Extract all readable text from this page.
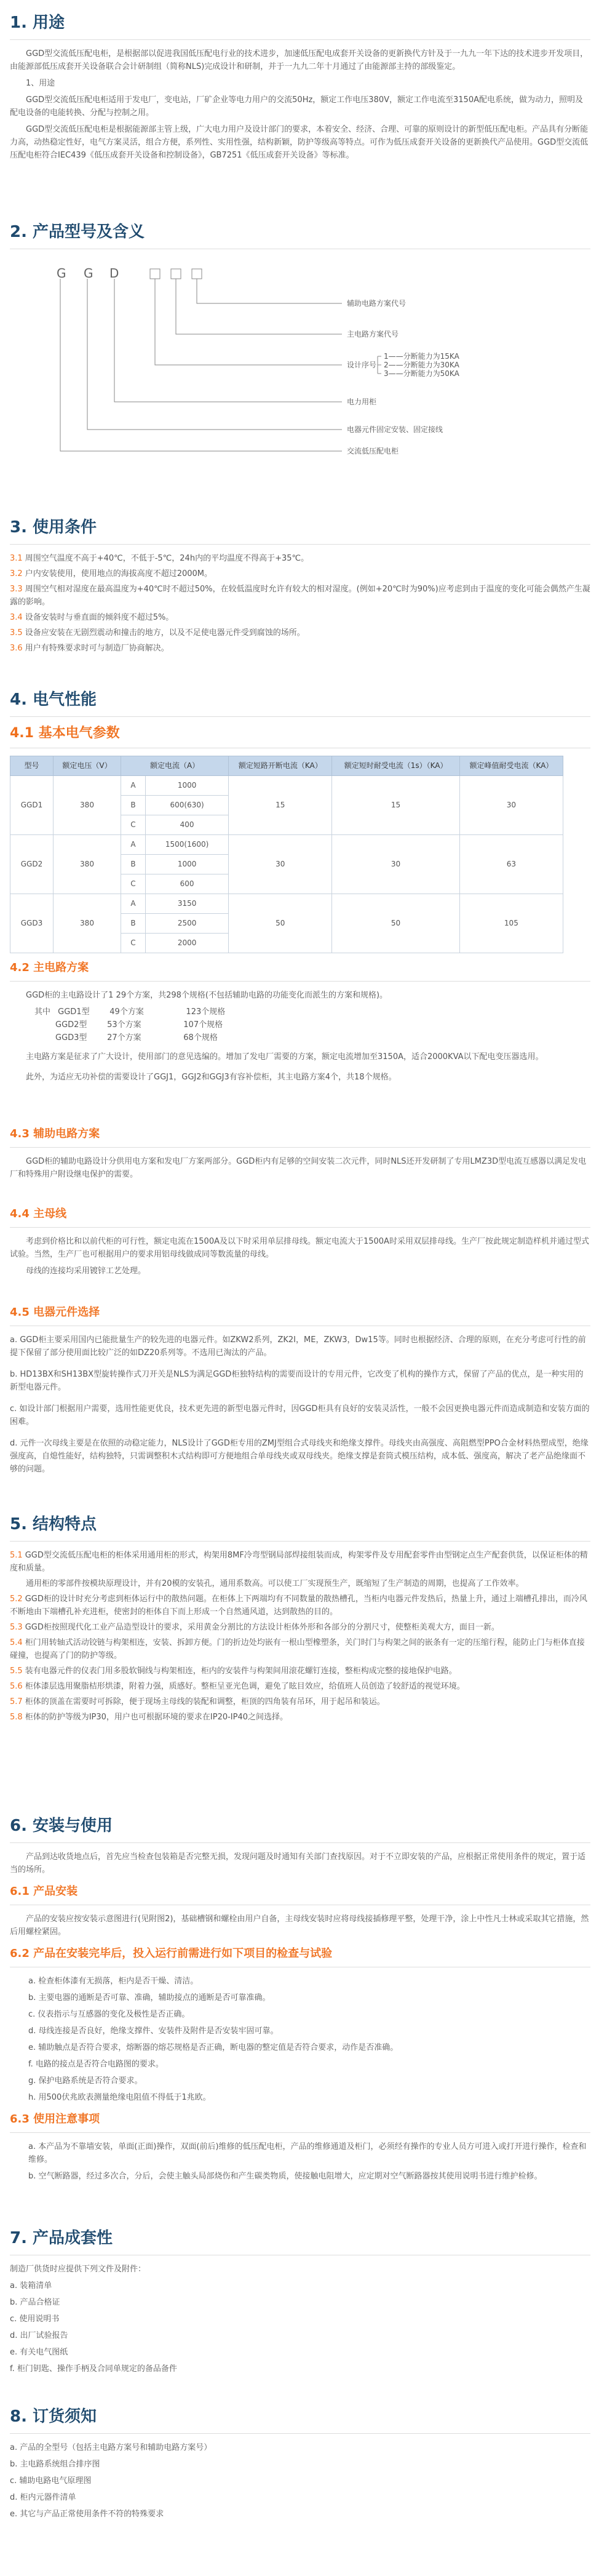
1. 用途

GGD型交流低压配电柜，是根据部以促进我国低压配电行业的技术进步，加速低压配电成套开关设备的更新换代方针及于一九九一年下达的技术进步开发项目，由能源部低压成套开关设备联合会计研制组（简称NLS)完成设计和研制，并于一九九二年十月通过了由能源部主持的部级鉴定。

1、用途

GGD型交流低压配电柜适用于发电厂，变电站，厂矿企业等电力用户的交流50Hz，额定工作电压380V，额定工作电流至3150A配电系统，做为动力，照明及配电设备的电能转换、分配与控制之用。

GGD型交流低压配电柜是根据能源部主管上级，广大电力用户及设计部门的要求，本着安全、经济、合理、可靠的原则设计的新型低压配电柜。产品具有分断能力高，动热稳定性好，电气方案灵活，组合方便，系列性、实用性强，结构新颖，防护等级高等特点。可作为低压成套开关设备的更新换代产品使用。GGD型交流低压配电柜符合IEC439《低压成套开关设备和控制设备》，GB7251《低压成套开关设备》等标准。

2. 产品型号及含义
G G D
辅助电路方案代号
主电路方案代号
设计序号
1——分断能力为15KA
2——分断能力为30KA
3——分断能力为50KA
电力用柜
电器元件固定安装、固定接线
交流低压配电柜
3. 使用条件
3.1 周围空气温度不高于+40℃，不低于-5℃，24h内的平均温度不得高于+35℃。
3.2 户内安装使用，使用地点的海拔高度不超过2000M。
3.3 周围空气相对湿度在最高温度为+40℃时不超过50%，在较低温度时允许有较大的相对湿度。(例如+20℃时为90%)应考虑到由于温度的变化可能会偶然产生凝露的影响。
3.4 设备安装时与垂直面的倾斜度不超过5%。
3.5 设备应安装在无剧烈震动和撞击的地方，以及不足使电器元件受到腐蚀的场所。
3.6 用户有特殊要求时可与制造厂协商解决。
4. 电气性能
4.1 基本电气参数
型号	额定电压（V）	额定电流（A）		额定短路开断电流（KA）	额定短时耐受电流（1s）（KA）	额定峰值耐受电流（KA）
GGD1	380	A	1000	15	15	30
		B	600(630)			
		C	400			
GGD2	380	A	1500(1600)	30	30	63
		B	1000			
		C	600			
GGD3	380	A	3150	50	50	105
		B	2500			
		C	2000			
4.2 主电路方案

GGD柜的主电路设计了1 29个方案，共298个规格(不包括辅助电路的功能变化而派生的方案和规格)。

其中 GGD1型	49个方案	123个规格
GGD2型	53个方案	107个规格
GGD3型	27个方案	68个规格

主电路方案是征求了广大设计，使用部门的意见选编的。增加了发电厂需要的方案，额定电流增加至3150A，适合2000KVA以下配电变压器选用。

此外，为适应无功补偿的需要设计了GGJ1，GGJ2和GGJ3有容补偿柜，其主电路方案4个，共18个规格。

4.3 辅助电路方案

GGD柜的辅助电路设计分供用电方案和发电厂方案两部分。GGD柜内有足够的空间安装二次元件，同时NLS还开发研制了专用LMZ3D型电流互感器以满足发电厂和特殊用户附设继电保护的需要。

4.4 主母线

考虑到价格比和以前代柜的可行性，额定电流在1500A及以下时采用单层排母线。额定电流大于1500A时采用双层排母线。生产厂按此规定制造样机并通过型式试验。当然，生产厂也可根据用户的要求用铝母线做成同等数流量的母线。

母线的连接均采用镀锌工艺处理。

4.5 电器元件选择

a. GGD柜主要采用国内已能批量生产的较先进的电器元件。如ZKW2系列，ZK2I，ME，ZKW3，Dw15等。同时也根据经济、合理的原则，在充分考虑可行性的前提下保留了部分使用面比较广泛的如DZ20系列等。不选用已淘汰的产品。

b. HD13BX和SH13BX型旋转操作式刀开关是NLS为满足GGD柜独特结构的需要而设计的专用元件，它改变了机构的操作方式，保留了产品的优点，是一种实用的新型电器元件。

c. 如设计部门根据用户需要，选用性能更优良，技术更先进的新型电器元件时，因GGD柜具有良好的安装灵活性，一般不会因更换电器元件而造成制造和安装方面的困难。

d. 元件一次母线主要是在依照的动稳定能力，NLS设计了GGD柜专用的ZMJ型组合式母线夹和绝缘支撑件。母线夹由高强度、高阻燃型PPO合金材料热塑成型，绝缘强度高，自熄性能好，结构独特，只需调整积木式结构即可方便地组合单母线夹或双母线夹。绝缘支撑是套筒式模压结构，成本低、强度高，解决了老产品绝缘面不够的问题。

5. 结构特点
5.1 GGD型交流低压配电柜的柜体采用通用柜的形式，构架用8MF冷弯型钢局部焊接组装而成，构架零件及专用配套零件由型钢定点生产配套供货，以保证柜体的精度和质量。
通用柜的零部件按模块原理设计，并有20模的安装孔，通用系数高。可以使工厂实现预生产，既缩短了生产制造的周期，也提高了工作效率。
5.2 GGD柜的设计时充分考虑到柜体运行中的散热问题。在柜体上下两端均有不同数量的散热槽孔，当柜内电器元件发热后，热量上升，通过上端槽孔排出，而冷风不断地由下端槽孔补充进柜，使密封的柜体自下而上形成一个自然通风道，达到散热的目的。
5.3 GGD柜按照现代化工业产品造型设计的要求，采用黄金分割比的方法设计柜体外形和各部分的分割尺寸，使整柜美观大方，面目一新。
5.4 柜门用转轴式活动铰链与构架相连，安装、拆卸方便。门的折边处均嵌有一根山型橡塑条，关门时门与构架之间的嵌条有一定的压缩行程，能防止门与柜体直接碰撞，也提高了门的防护等级。
5.5 装有电器元件的仪表门用多股软铜线与构架相连，柜内的安装件与构架间用滚花螺钉连接，整柜构成完整的接地保护电路。
5.6 柜体漆层选用聚脂桔形烘漆，附着力强，质感好。整柜呈亚光色调，避免了眩目效应，给值班人员创造了较舒适的视觉环境。
5.7 柜体的顶盖在需要时可拆除，便于现场主母线的装配和调整，柜顶的四角装有吊环，用于起吊和装运。
5.8 柜体的防护等级为IP30，用户也可根据环境的要求在IP20-IP40之间选择。
6. 安装与使用

产品到达收货地点后，首先应当检查包装箱是否完整无损，发现问题及时通知有关部门查找原因。对于不立即安装的产品，应根据正常使用条件的规定，置于适当的场所。

6.1 产品安装

产品的安装应按安装示意图进行(见附图2)，基础槽钢和螺栓由用户自备，主母线安装时应将母线接插修理平整，处理干净，涂上中性凡士林或采取其它措施，然后用螺栓紧固。

6.2 产品在安装完毕后，投入运行前需进行如下项目的检查与试验

a. 检查柜体漆有无损落，柜内是否干燥、清洁。

b. 主要电器的通断是否可靠、准确，辅助接点的通断是否可靠准确。

c. 仪表指示与互感器的变化及极性是否正确。

d. 母线连接是否良好，绝缘支撑件、安装件及附件是否安装牢固可靠。

e. 辅助触点是否符合要求，熔断器的熔芯规格是否正确，断电器的整定值是否符合要求，动作是否准确。

f. 电路的接点是否符合电路图的要求。

g. 保护电路系统是否符合要求。

h. 用500伏兆欧表测量绝缘电阻值不得低于1兆欧。

6.3 使用注意事项

a. 本产品为不靠墙安装，单面(正面)操作，双面(前后)维修的低压配电柜，产品的维修通道及柜门，必须经有操作的专业人员方可进入或打开进行操作，检查和维修。

b. 空气断路器，经过多次合，分后，会使主触头局部烧伤和产生碳类物质，使接触电阻增大，应定期对空气断路器按其使用说明书进行维护检修。

7. 产品成套性

制造厂供货时应提供下列文件及附件：

a. 装箱清单

b. 产品合格证

c. 使用说明书

d. 出厂试验报告

e. 有关电气图纸

f. 柜门钥匙、操作手柄及合同单规定的备品备件

8. 订货须知

a. 产品的全型号（包括主电路方案号和辅助电路方案号）

b. 主电路系统组合排序图

c. 辅助电路电气原理图

d. 柜内元器件清单

e. 其它与产品正常使用条件不符的特殊要求
